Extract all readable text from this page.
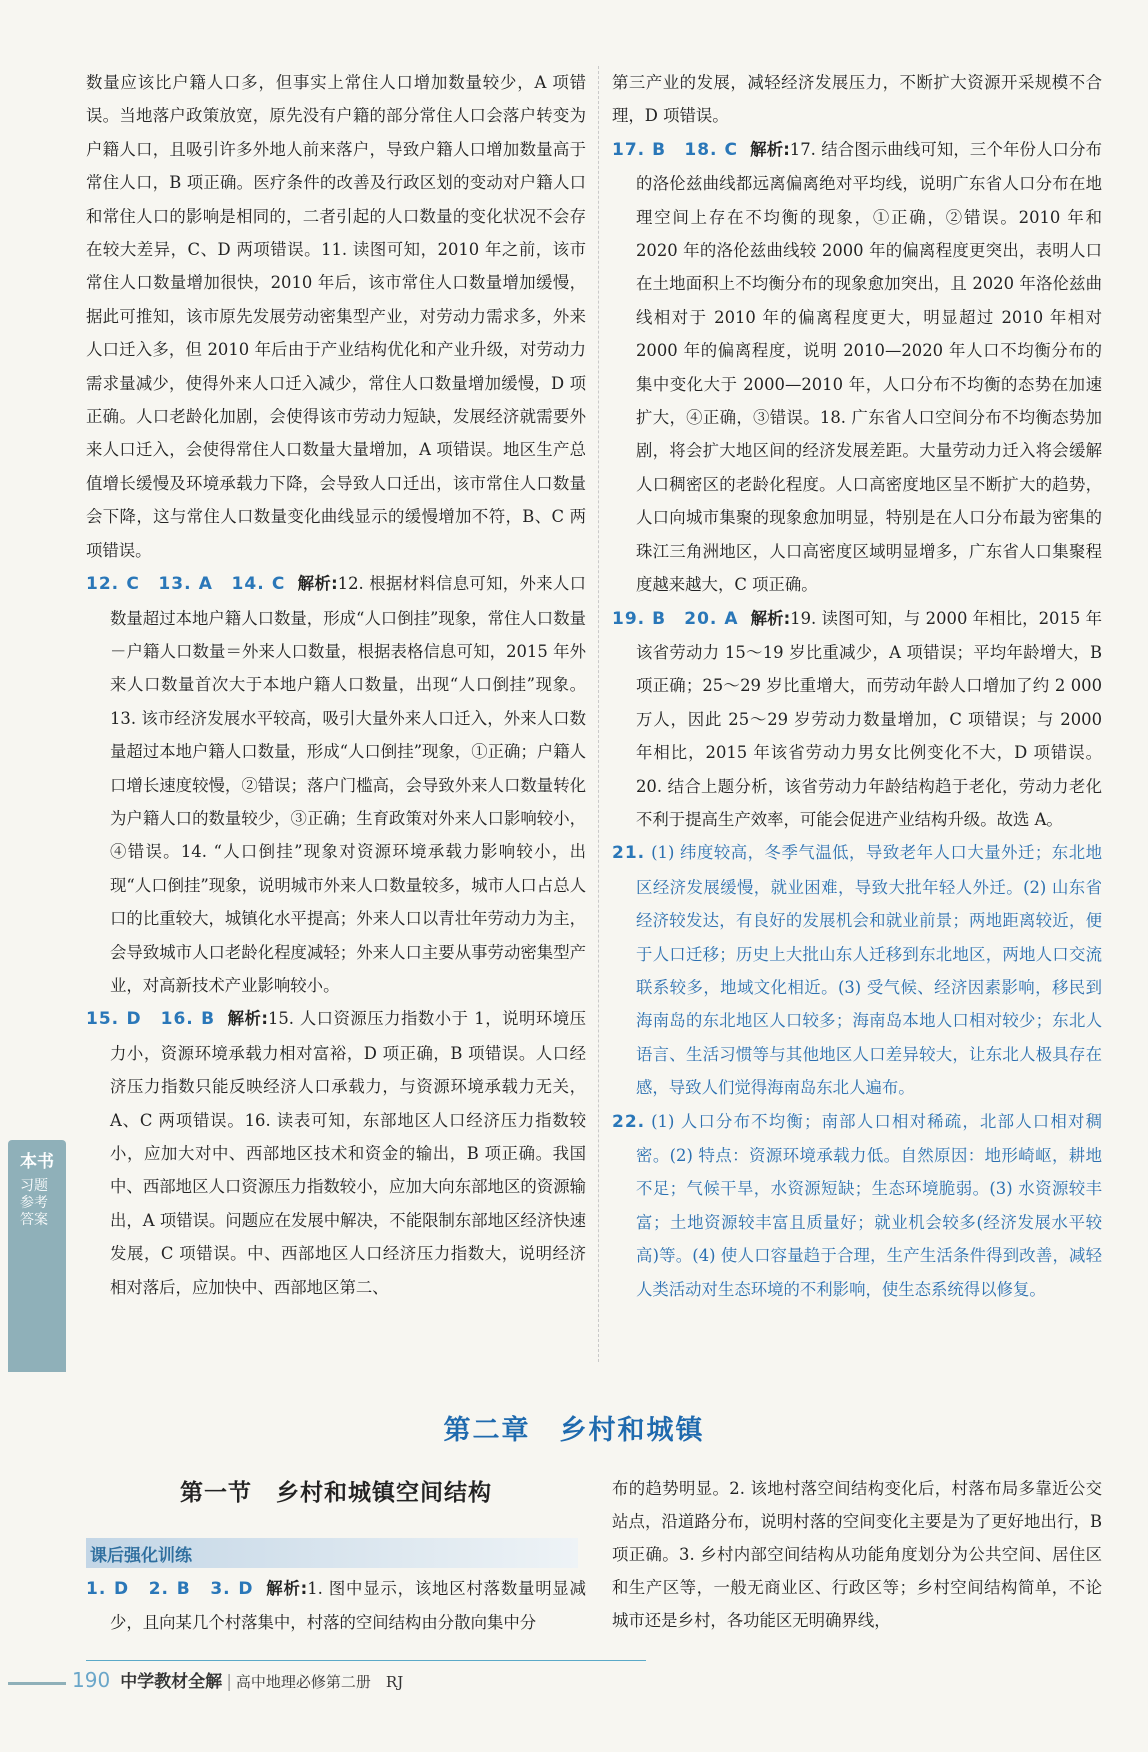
本书
习题参考答案

数量应该比户籍人口多，但事实上常住人口增加数量较少，A 项错误。当地落户政策放宽，原先没有户籍的部分常住人口会落户转变为户籍人口，且吸引许多外地人前来落户，导致户籍人口增加数量高于常住人口，B 项正确。医疗条件的改善及行政区划的变动对户籍人口和常住人口的影响是相同的，二者引起的人口数量的变化状况不会存在较大差异，C、D 两项错误。11. 读图可知，2010 年之前，该市常住人口数量增加很快，2010 年后，该市常住人口数量增加缓慢，据此可推知，该市原先发展劳动密集型产业，对劳动力需求多，外来人口迁入多，但 2010 年后由于产业结构优化和产业升级，对劳动力需求量减少，使得外来人口迁入减少，常住人口数量增加缓慢，D 项正确。人口老龄化加剧，会使得该市劳动力短缺，发展经济就需要外来人口迁入，会使得常住人口数量大量增加，A 项错误。地区生产总值增长缓慢及环境承载力下降，会导致人口迁出，该市常住人口数量会下降，这与常住人口数量变化曲线显示的缓慢增加不符，B、C 两项错误。

12. C　13. A　14. C 解析:12. 根据材料信息可知，外来人口数量超过本地户籍人口数量，形成“人口倒挂”现象，常住人口数量－户籍人口数量＝外来人口数量，根据表格信息可知，2015 年外来人口数量首次大于本地户籍人口数量，出现“人口倒挂”现象。13. 该市经济发展水平较高，吸引大量外来人口迁入，外来人口数量超过本地户籍人口数量，形成“人口倒挂”现象，①正确；户籍人口增长速度较慢，②错误；落户门槛高，会导致外来人口数量转化为户籍人口的数量较少，③正确；生育政策对外来人口影响较小，④错误。14. “人口倒挂”现象对资源环境承载力影响较小，出现“人口倒挂”现象，说明城市外来人口数量较多，城市人口占总人口的比重较大，城镇化水平提高；外来人口以青壮年劳动力为主，会导致城市人口老龄化程度减轻；外来人口主要从事劳动密集型产业，对高新技术产业影响较小。

15. D　16. B 解析:15. 人口资源压力指数小于 1，说明环境压力小，资源环境承载力相对富裕，D 项正确，B 项错误。人口经济压力指数只能反映经济人口承载力，与资源环境承载力无关，A、C 两项错误。16. 读表可知，东部地区人口经济压力指数较小，应加大对中、西部地区技术和资金的输出，B 项正确。我国中、西部地区人口资源压力指数较小，应加大向东部地区的资源输出，A 项错误。问题应在发展中解决，不能限制东部地区经济快速发展，C 项错误。中、西部地区人口经济压力指数大，说明经济相对落后，应加快中、西部地区第二、

第三产业的发展，减轻经济发展压力，不断扩大资源开采规模不合理，D 项错误。

17. B　18. C 解析:17. 结合图示曲线可知，三个年份人口分布的洛伦兹曲线都远离偏离绝对平均线，说明广东省人口分布在地理空间上存在不均衡的现象，①正确，②错误。2010 年和 2020 年的洛伦兹曲线较 2000 年的偏离程度更突出，表明人口在土地面积上不均衡分布的现象愈加突出，且 2020 年洛伦兹曲线相对于 2010 年的偏离程度更大，明显超过 2010 年相对 2000 年的偏离程度，说明 2010—2020 年人口不均衡分布的集中变化大于 2000—2010 年，人口分布不均衡的态势在加速扩大，④正确，③错误。18. 广东省人口空间分布不均衡态势加剧，将会扩大地区间的经济发展差距。大量劳动力迁入将会缓解人口稠密区的老龄化程度。人口高密度地区呈不断扩大的趋势，人口向城市集聚的现象愈加明显，特别是在人口分布最为密集的珠江三角洲地区，人口高密度区域明显增多，广东省人口集聚程度越来越大，C 项正确。

19. B　20. A 解析:19. 读图可知，与 2000 年相比，2015 年该省劳动力 15～19 岁比重减少，A 项错误；平均年龄增大，B 项正确；25～29 岁比重增大，而劳动年龄人口增加了约 2 000 万人，因此 25～29 岁劳动力数量增加，C 项错误；与 2000 年相比，2015 年该省劳动力男女比例变化不大，D 项错误。20. 结合上题分析，该省劳动力年龄结构趋于老化，劳动力老化不利于提高生产效率，可能会促进产业结构升级。故选 A。

21. (1) 纬度较高，冬季气温低，导致老年人口大量外迁；东北地区经济发展缓慢，就业困难，导致大批年轻人外迁。(2) 山东省经济较发达，有良好的发展机会和就业前景；两地距离较近，便于人口迁移；历史上大批山东人迁移到东北地区，两地人口交流联系较多，地域文化相近。(3) 受气候、经济因素影响，移民到海南岛的东北地区人口较多；海南岛本地人口相对较少；东北人语言、生活习惯等与其他地区人口差异较大，让东北人极具存在感，导致人们觉得海南岛东北人遍布。

22. (1) 人口分布不均衡；南部人口相对稀疏，北部人口相对稠密。(2) 特点：资源环境承载力低。自然原因：地形崎岖，耕地不足；气候干旱，水资源短缺；生态环境脆弱。(3) 水资源较丰富；土地资源较丰富且质量好；就业机会较多(经济发展水平较高)等。(4) 使人口容量趋于合理，生产生活条件得到改善，减轻人类活动对生态环境的不利影响，使生态系统得以修复。

第二章　乡村和城镇
第一节　乡村和城镇空间结构
课后强化训练

1. D　2. B　3. D 解析:1. 图中显示，该地区村落数量明显减少，且向某几个村落集中，村落的空间结构由分散向集中分

布的趋势明显。2. 该地村落空间结构变化后，村落布局多靠近公交站点，沿道路分布，说明村落的空间变化主要是为了更好地出行，B 项正确。3. 乡村内部空间结构从功能角度划分为公共空间、居住区和生产区等，一般无商业区、行政区等；乡村空间结构简单，不论城市还是乡村，各功能区无明确界线，

190 中学教材全解 | 高中地理必修第二册　RJ
